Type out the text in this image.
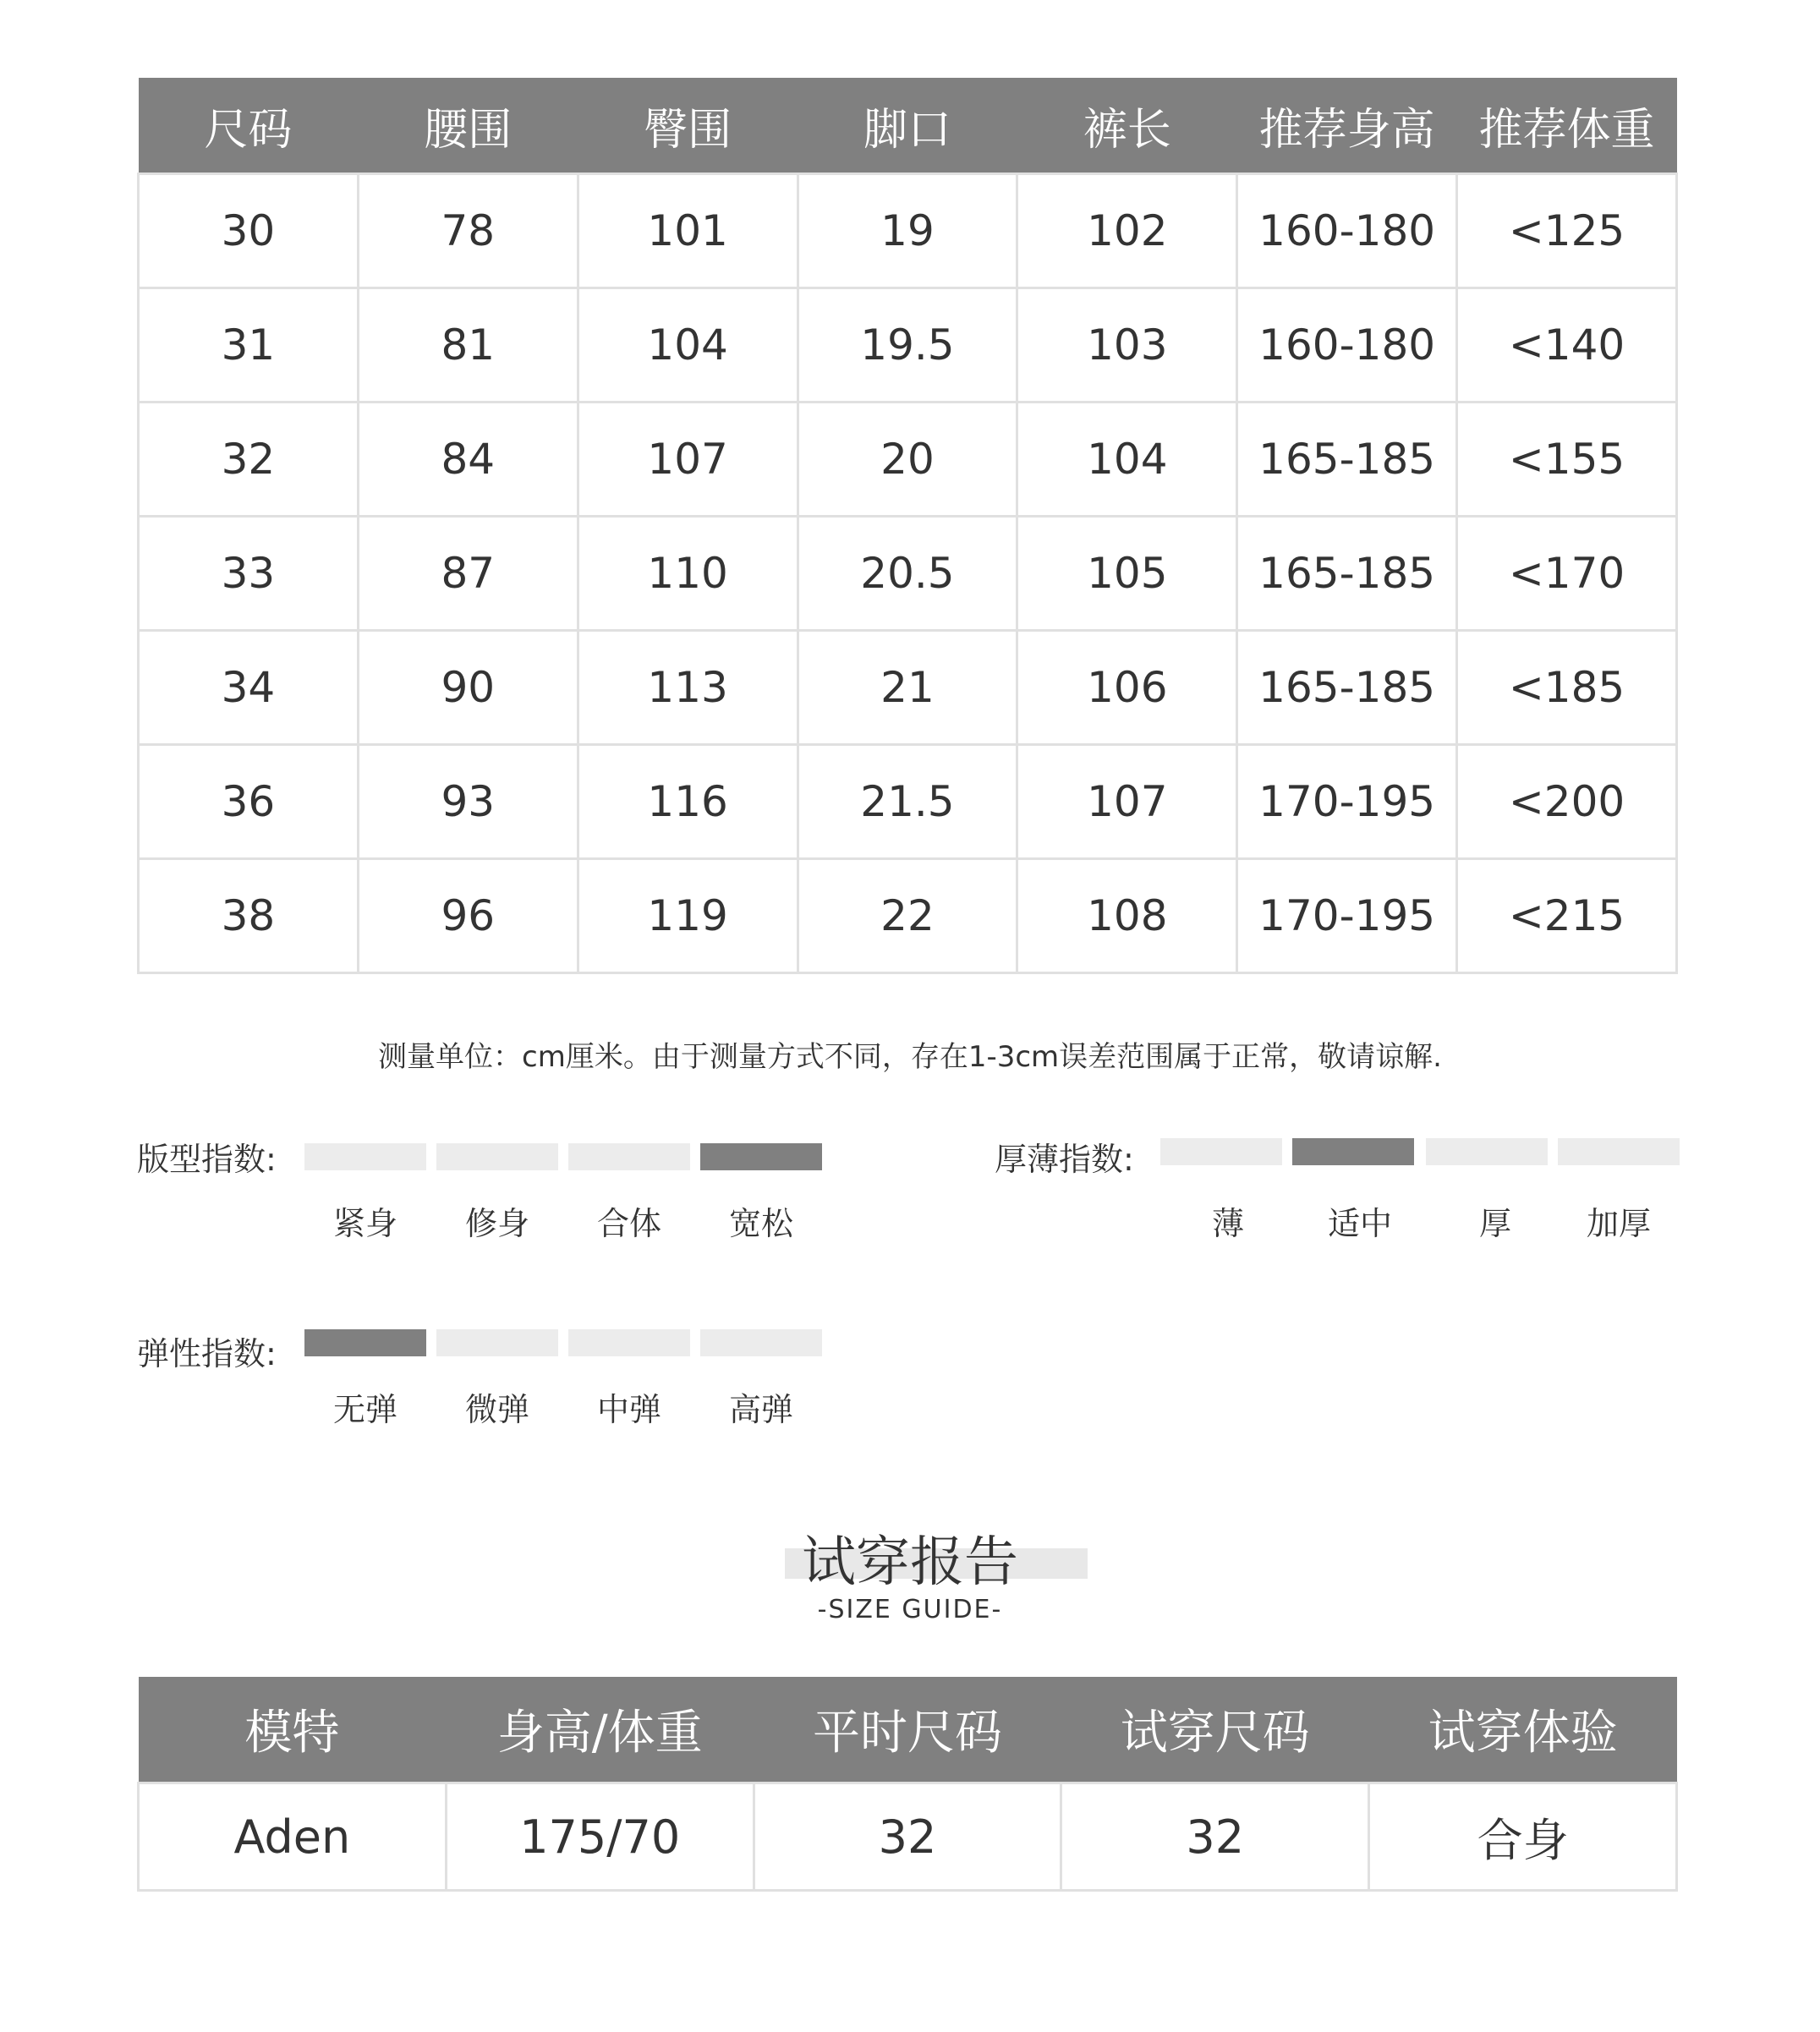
尺码	腰围	臀围	脚口	裤长	推荐身高	推荐体重
30	78	101	19	102	160-180	<125
31	81	104	19.5	103	160-180	<140
32	84	107	20	104	165-185	<155
33	87	110	20.5	105	165-185	<170
34	90	113	21	106	165-185	<185
36	93	116	21.5	107	170-195	<200
38	96	119	22	108	170-195	<215
测量单位：cm厘米。由于测量方式不同，存在1-3cm误差范围属于正常，敬请谅解.
版型指数:
紧身	修身	合体	宽松
厚薄指数:
薄	适中	厚	加厚
弹性指数:
无弹	微弹	中弹	高弹
试穿报告
-SIZE GUIDE-
模特	身高/体重	平时尺码	试穿尺码	试穿体验
Aden	175/70	32	32	合身
